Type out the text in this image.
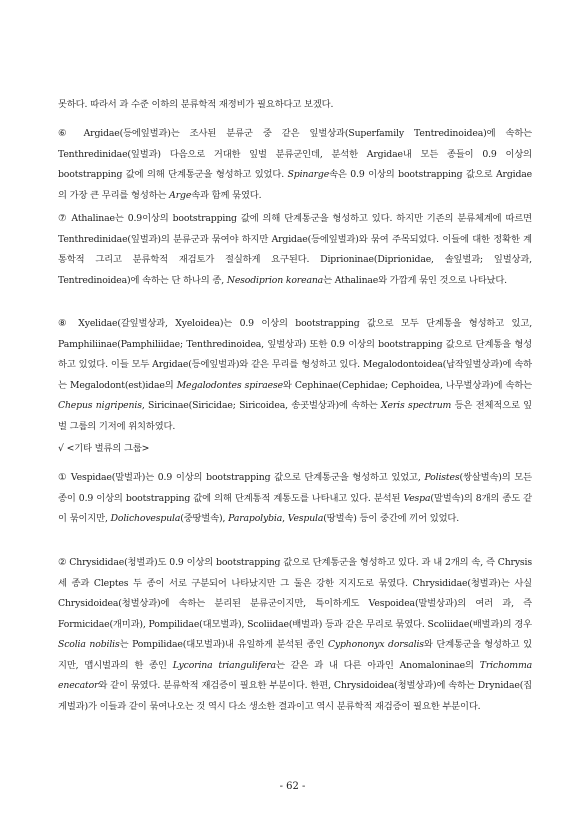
못하다. 따라서 과 수준 이하의 분류학적 재정비가 필요하다고 보겠다.

⑥ Argidae(등에잎벌과)는 조사된 분류군 중 같은 잎벌상과(Superfamily Tentredinoidea)에 속하는 Tenthredinidae(잎벌과) 다음으로 거대한 잎벌 분류군인데, 분석한 Argidae내 모든 종들이 0.9 이상의 bootstrapping 값에 의해 단계통군을 형성하고 있었다. Spinarge속은 0.9 이상의 bootstrapping 값으로 Argidae의 가장 큰 무리를 형성하는 Arge속과 함께 묶였다.

⑦ Athalinae는 0.9이상의 bootstrapping 값에 의해 단계통군을 형성하고 있다. 하지만 기존의 분류체계에 따르면 Tenthredinidae(잎벌과)의 분류군과 묶여야 하지만 Argidae(등에잎벌과)와 묶여 주목되었다. 이들에 대한 정확한 계통학적 그리고 분류학적 재검토가 절실하게 요구된다. Diprioninae(Diprionidae, 솔잎벌과; 잎벌상과, Tentredinoidea)에 속하는 단 하나의 종, Nesodiprion koreana는 Athalinae와 가깝게 묶인 것으로 나타났다.

⑧ Xyelidae(갈잎벌상과, Xyeloidea)는 0.9 이상의 bootstrapping 값으로 모두 단계통을 형성하고 있고, Pamphiliinae(Pamphiliidae; Tenthredinoidea, 잎벌상과) 또한 0.9 이상의 bootstrapping 값으로 단계통을 형성하고 있었다. 이들 모두 Argidae(등에잎벌과)와 같은 무리를 형성하고 있다. Megalodontoidea(납작잎벌상과)에 속하는 Megalodont(est)idae의 Megalodontes spiraese와 Cephinae(Cephidae; Cephoidea, 나무벌상과)에 속하는 Chepus nigripenis, Siricinae(Siricidae; Siricoidea, 송곳벌상과)에 속하는 Xeris spectrum 등은 전체적으로 잎벌 그룹의 기저에 위치하였다.

√ <기타 벌류의 그룹>

① Vespidae(말벌과)는 0.9 이상의 bootstrapping 값으로 단계통군을 형성하고 있었고, Polistes(쌍살벌속)의 모든 종이 0.9 이상의 bootstrapping 값에 의해 단계통적 계통도를 나타내고 있다. 분석된 Vespa(말벌속)의 8개의 종도 같이 묶이지만, Dolichovespula(중땅벌속), Parapolybia, Vespula(땅벌속) 등이 중간에 끼어 있었다.

② Chrysididae(청벌과)도 0.9 이상의 bootstrapping 값으로 단계통군을 형성하고 있다. 과 내 2개의 속, 즉 Chrysis 세 종과 Cleptes 두 종이 서로 구분되어 나타났지만 그 둘은 강한 지지도로 묶였다. Chrysididae(청벌과)는 사실 Chrysidoidea(청벌상과)에 속하는 분리된 분류군이지만, 특이하게도 Vespoidea(말벌상과)의 여러 과, 즉 Formicidae(개미과), Pompilidae(대모벌과), Scoliidae(배벌과) 등과 같은 무리로 묶였다. Scoliidae(배벌과)의 경우 Scolia nobilis는 Pompilidae(대모벌과)내 유일하게 분석된 종인 Cyphononyx dorsalis와 단계통군을 형성하고 있지만, 맵시벌과의 한 종인 Lycorina triangulifera는 같은 과 내 다른 아과인 Anomaloninae의 Trichomma enecator와 같이 묶였다. 분류학적 재검증이 필요한 부분이다. 한편, Chrysidoidea(청벌상과)에 속하는 Drynidae(집게벌과)가 이들과 같이 묶여나오는 것 역시 다소 생소한 결과이고 역시 분류학적 재검증이 필요한 부분이다.

- 62 -
